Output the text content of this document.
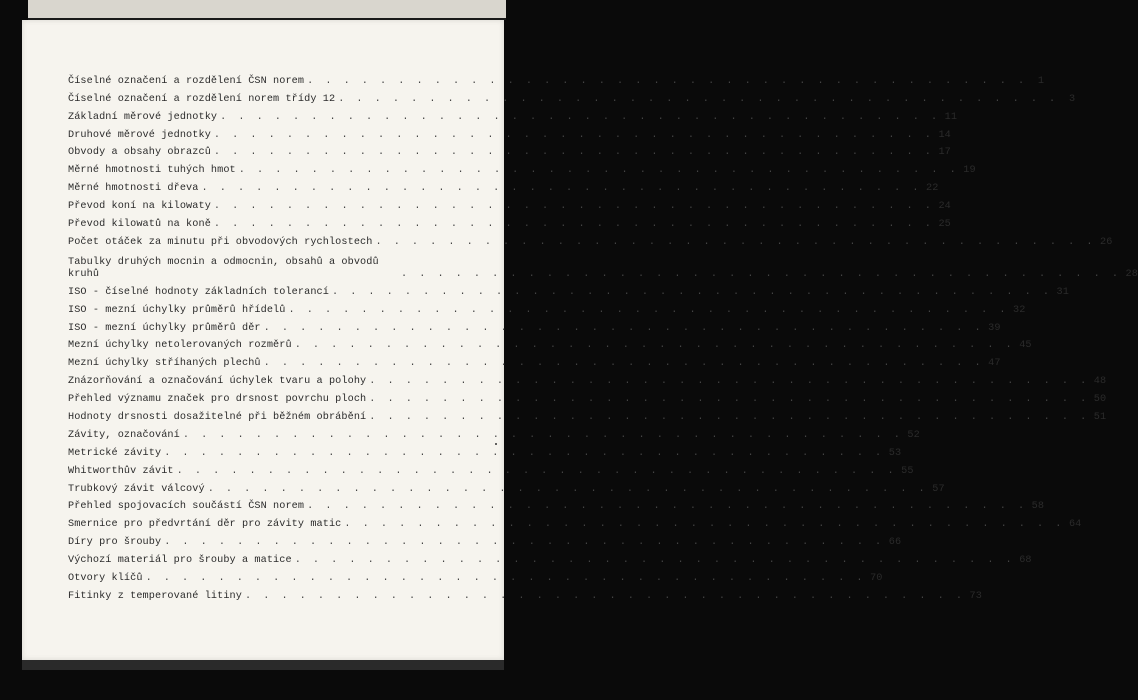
Číselné označení a rozdělení ČSN norem . . . . . . . . . . . . . . . . . . . . . . . . . . . . . . . . . . . . . . . .	1
Číselné označení a rozdělení norem třídy 12 . . . . . . . . . . . . . . . . . . . . . . . . . . . . . . . . . . . . . . . .	3
Základní měrové jednotky . . . . . . . . . . . . . . . . . . . . . . . . . . . . . . . . . . . . . . . . 11
Druhové měrové jednotky . . . . . . . . . . . . . . . . . . . . . . . . . . . . . . . . . . . . . . . . 14
Obvody a obsahy obrazců . . . . . . . . . . . . . . . . . . . . . . . . . . . . . . . . . . . . . . . . 17
Měrné hmotnosti tuhých hmot . . . . . . . . . . . . . . . . . . . . . . . . . . . . . . . . . . . . . . . . 19
Měrné hmotnosti dřeva . . . . . . . . . . . . . . . . . . . . . . . . . . . . . . . . . . . . . . . . 22
Převod koní na kilowaty . . . . . . . . . . . . . . . . . . . . . . . . . . . . . . . . . . . . . . . . 24
Převod kilowatů na koně . . . . . . . . . . . . . . . . . . . . . . . . . . . . . . . . . . . . . . . . 25
Počet otáček za minutu při obvodových rychlostech . . . . . . . . . . . . . . . . . . . . . . . . . . . . . . . . . . . . . . . . 26
Tabulky druhých mocnin a odmocnin, obsahů a obvodů kruhů	. . . . . . . . . . . . . . . . . . . . . . . . . . . . . . . . . . . . . . . . 28
ISO - číselné hodnoty základních tolerancí . . . . . . . . . . . . . . . . . . . . . . . . . . . . . . . . . . . . . . . . 31
ISO - mezní úchylky průměrů hřídelů . . . . . . . . . . . . . . . . . . . . . . . . . . . . . . . . . . . . . . . . 32
ISO - mezní úchylky průměrů děr . . . . . . . . . . . . . . . . . . . . . . . . . . . . . . . . . . . . . . . . 39
Mezní úchylky netolerovaných rozměrů . . . . . . . . . . . . . . . . . . . . . . . . . . . . . . . . . . . . . . . . 45
Mezní úchylky stříhaných plechů . . . . . . . . . . . . . . . . . . . . . . . . . . . . . . . . . . . . . . . . 47
Znázorňování a označování úchylek tvaru a polohy . . . . . . . . . . . . . . . . . . . . . . . . . . . . . . . . . . . . . . . . 48
Přehled významu značek pro drsnost povrchu ploch . . . . . . . . . . . . . . . . . . . . . . . . . . . . . . . . . . . . . . . . 50
Hodnoty drsnosti dosažitelné při běžném obrábění . . . . . . . . . . . . . . . . . . . . . . . . . . . . . . . . . . . . . . . . 51
Závity, označování . . . . . . . . . . . . . . . . . . . . . . . . . . . . . . . . . . . . . . . . 52
Metrické závity . . . . . . . . . . . . . . . . . . . . . . . . . . . . . . . . . . . . . . . . 53
Whitworthův závit . . . . . . . . . . . . . . . . . . . . . . . . . . . . . . . . . . . . . . . . 55
Trubkový závit válcový . . . . . . . . . . . . . . . . . . . . . . . . . . . . . . . . . . . . . . . . 57
Přehled spojovacích součástí ČSN norem . . . . . . . . . . . . . . . . . . . . . . . . . . . . . . . . . . . . . . . . 58
Smernice pro předvrtání děr pro závity matic . . . . . . . . . . . . . . . . . . . . . . . . . . . . . . . . . . . . . . . . 64
Díry pro šrouby . . . . . . . . . . . . . . . . . . . . . . . . . . . . . . . . . . . . . . . . 66
Výchozí materiál pro šrouby a matice . . . . . . . . . . . . . . . . . . . . . . . . . . . . . . . . . . . . . . . . 68
Otvory klíčů . . . . . . . . . . . . . . . . . . . . . . . . . . . . . . . . . . . . . . . . 70
Fitinky z temperované litiny . . . . . . . . . . . . . . . . . . . . . . . . . . . . . . . . . . . . . . . . 73
